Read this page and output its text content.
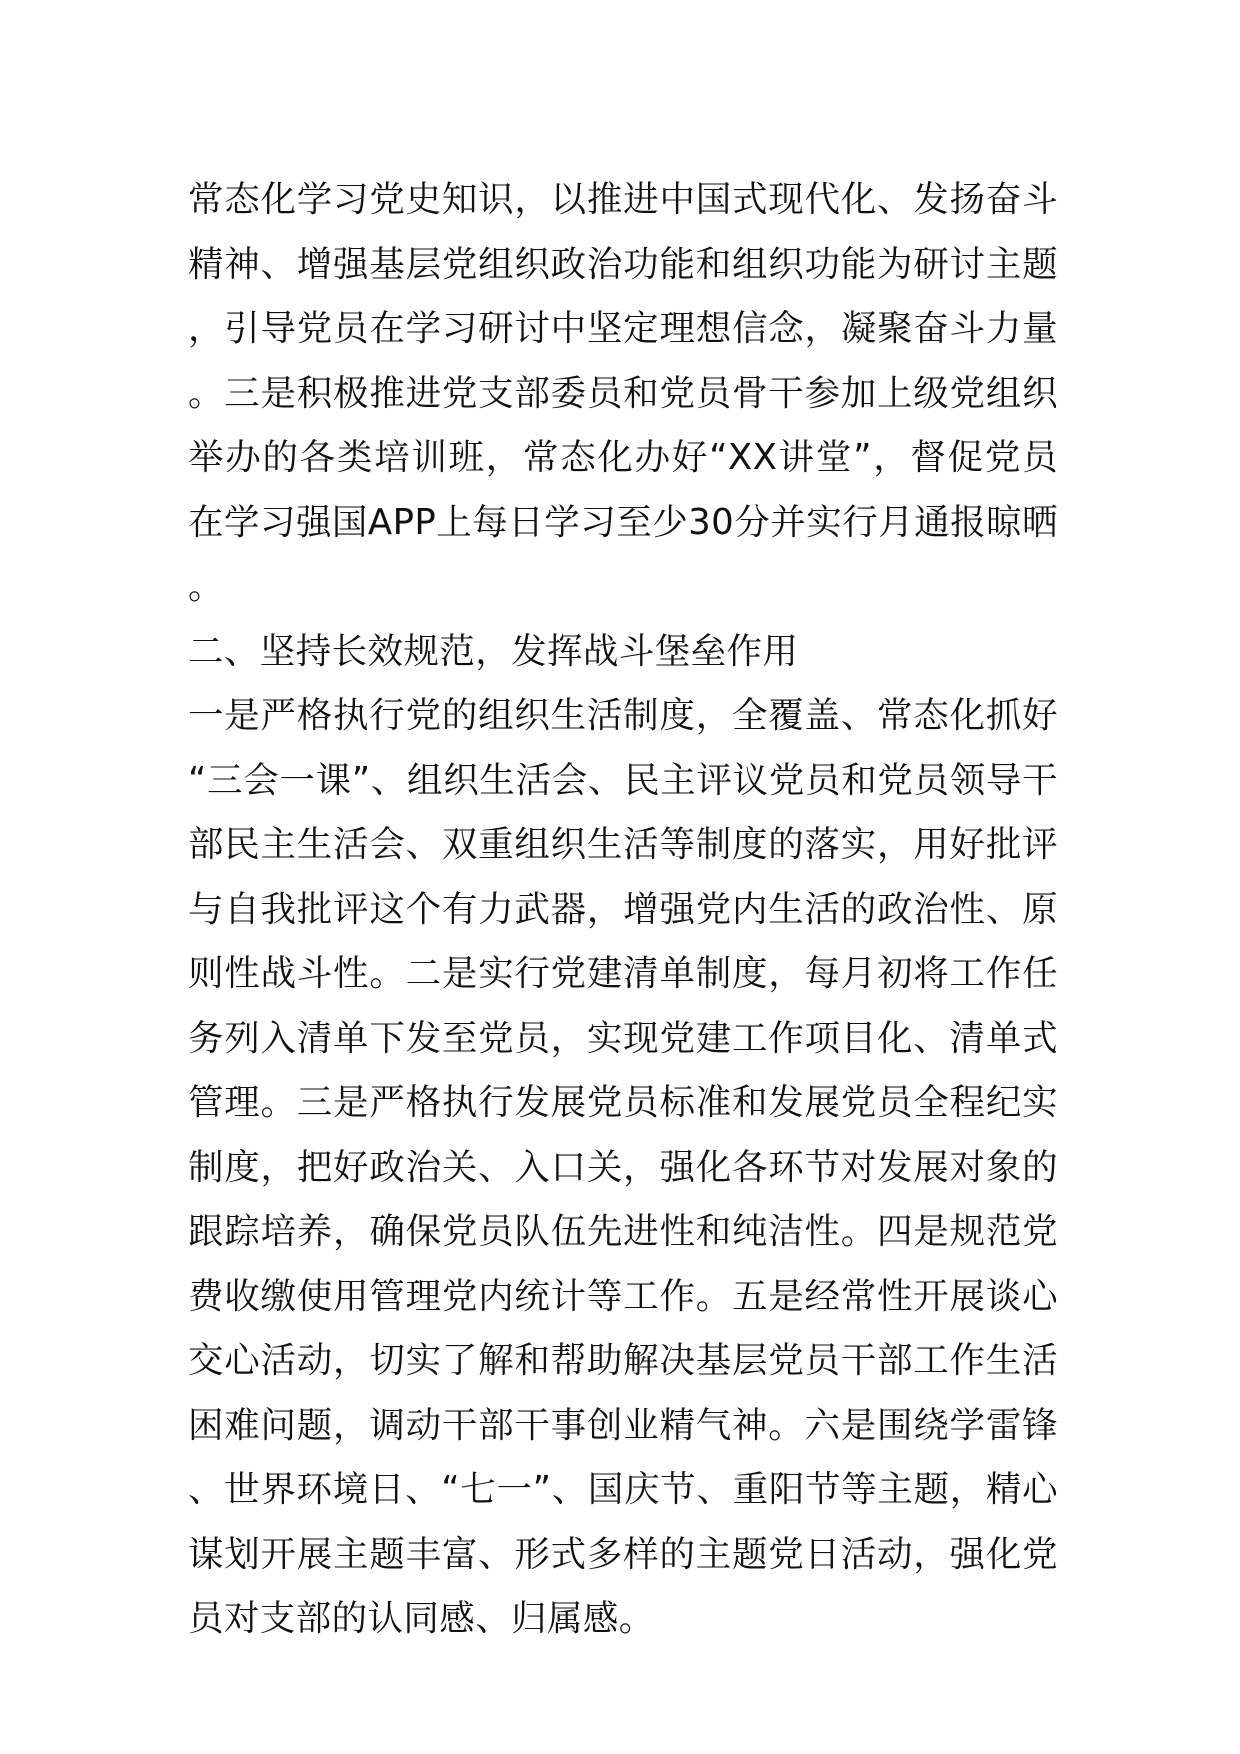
常态化学习党史知识，以推进中国式现代化、发扬奋斗精神、增强基层党组织政治功能和组织功能为研讨主题，引导党员在学习研讨中坚定理想信念，凝聚奋斗力量。三是积极推进党支部委员和党员骨干参加上级党组织举办的各类培训班，常态化办好“XX讲堂”，督促党员在学习强国APP上每日学习至少30分并实行月通报晾晒。

二、坚持长效规范，发挥战斗堡垒作用

一是严格执行党的组织生活制度，全覆盖、常态化抓好“三会一课”、组织生活会、民主评议党员和党员领导干部民主生活会、双重组织生活等制度的落实，用好批评与自我批评这个有力武器，增强党内生活的政治性、原则性战斗性。二是实行党建清单制度，每月初将工作任务列入清单下发至党员，实现党建工作项目化、清单式管理。三是严格执行发展党员标准和发展党员全程纪实制度，把好政治关、入口关，强化各环节对发展对象的跟踪培养，确保党员队伍先进性和纯洁性。四是规范党费收缴使用管理党内统计等工作。五是经常性开展谈心交心活动，切实了解和帮助解决基层党员干部工作生活困难问题，调动干部干事创业精气神。六是围绕学雷锋、世界环境日、“七一”、国庆节、重阳节等主题，精心谋划开展主题丰富、形式多样的主题党日活动，强化党员对支部的认同感、归属感。
